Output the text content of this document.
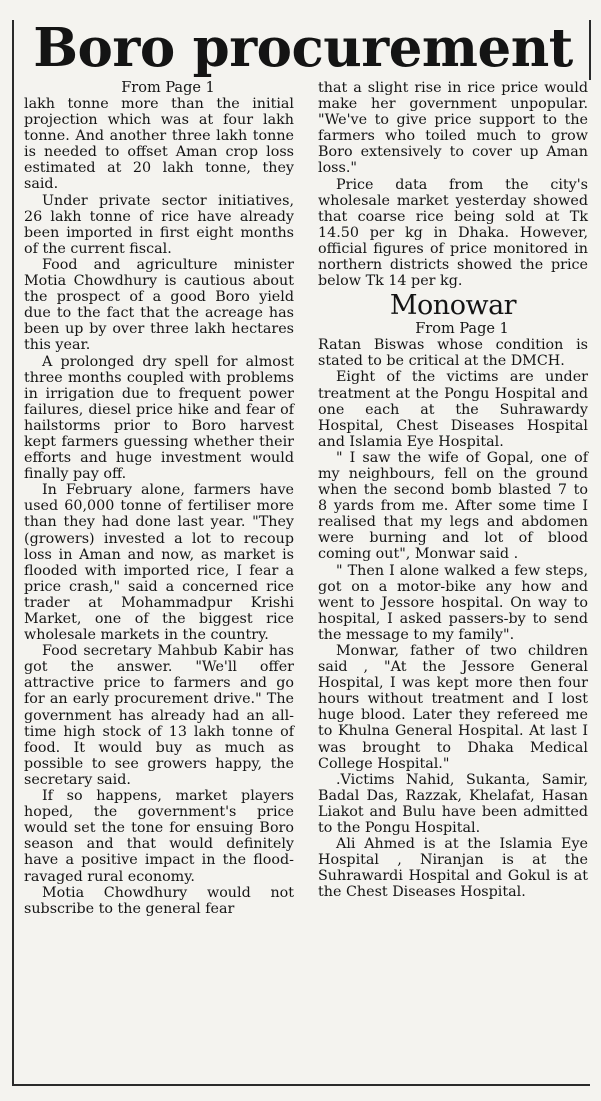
Boro procurement

From Page 1

lakh tonne more than the initial projection which was at four lakh tonne. And another three lakh tonne is needed to offset Aman crop loss estimated at 20 lakh tonne, they said.

Under private sector initiatives, 26 lakh tonne of rice have already been imported in first eight months of the current fiscal.

Food and agriculture minister Motia Chowdhury is cautious about the prospect of a good Boro yield due to the fact that the acreage has been up by over three lakh hectares this year.

A prolonged dry spell for almost three months coupled with problems in irrigation due to frequent power failures, diesel price hike and fear of hailstorms prior to Boro harvest kept farmers guessing whether their efforts and huge investment would finally pay off.

In February alone, farmers have used 60,000 tonne of fertiliser more than they had done last year. "They (growers) invested a lot to recoup loss in Aman and now, as market is flooded with imported rice, I fear a price crash," said a concerned rice trader at Mohammadpur Krishi Market, one of the biggest rice wholesale markets in the country.

Food secretary Mahbub Kabir has got the answer. "We'll offer attractive price to farmers and go for an early procurement drive." The government has already had an all-time high stock of 13 lakh tonne of food. It would buy as much as possible to see growers happy, the secretary said.

If so happens, market players hoped, the government's price would set the tone for ensuing Boro season and that would definitely have a positive impact in the flood-ravaged rural economy.

Motia Chowdhury would not subscribe to the general fear

that a slight rise in rice price would make her government unpopular. "We've to give price support to the farmers who toiled much to grow Boro extensively to cover up Aman loss."

Price data from the city's wholesale market yesterday showed that coarse rice being sold at Tk 14.50 per kg in Dhaka. However, official figures of price monitored in northern districts showed the price below Tk 14 per kg.

Monowar

From Page 1

Ratan Biswas whose condition is stated to be critical at the DMCH.

Eight of the victims are under treatment at the Pongu Hospital and one each at the Suhrawardy Hospital, Chest Diseases Hospital and Islamia Eye Hospital.

" I saw the wife of Gopal, one of my neighbours, fell on the ground when the second bomb blasted 7 to 8 yards from me. After some time I realised that my legs and abdomen were burning and lot of blood coming out", Monwar said .

" Then I alone walked a few steps, got on a motor-bike any how and went to Jessore hospital. On way to hospital, I asked passers-by to send the message to my family".

Monwar, father of two children said , "At the Jessore General Hospital, I was kept more then four hours without treatment and I lost huge blood. Later they refereed me to Khulna General Hospital. At last I was brought to Dhaka Medical College Hospital."

.Victims Nahid, Sukanta, Samir, Badal Das, Razzak, Khelafat, Hasan Liakot and Bulu have been admitted to the Pongu Hospital.

Ali Ahmed is at the Islamia Eye Hospital , Niranjan is at the Suhrawardi Hospital and Gokul is at the Chest Diseases Hospital.
